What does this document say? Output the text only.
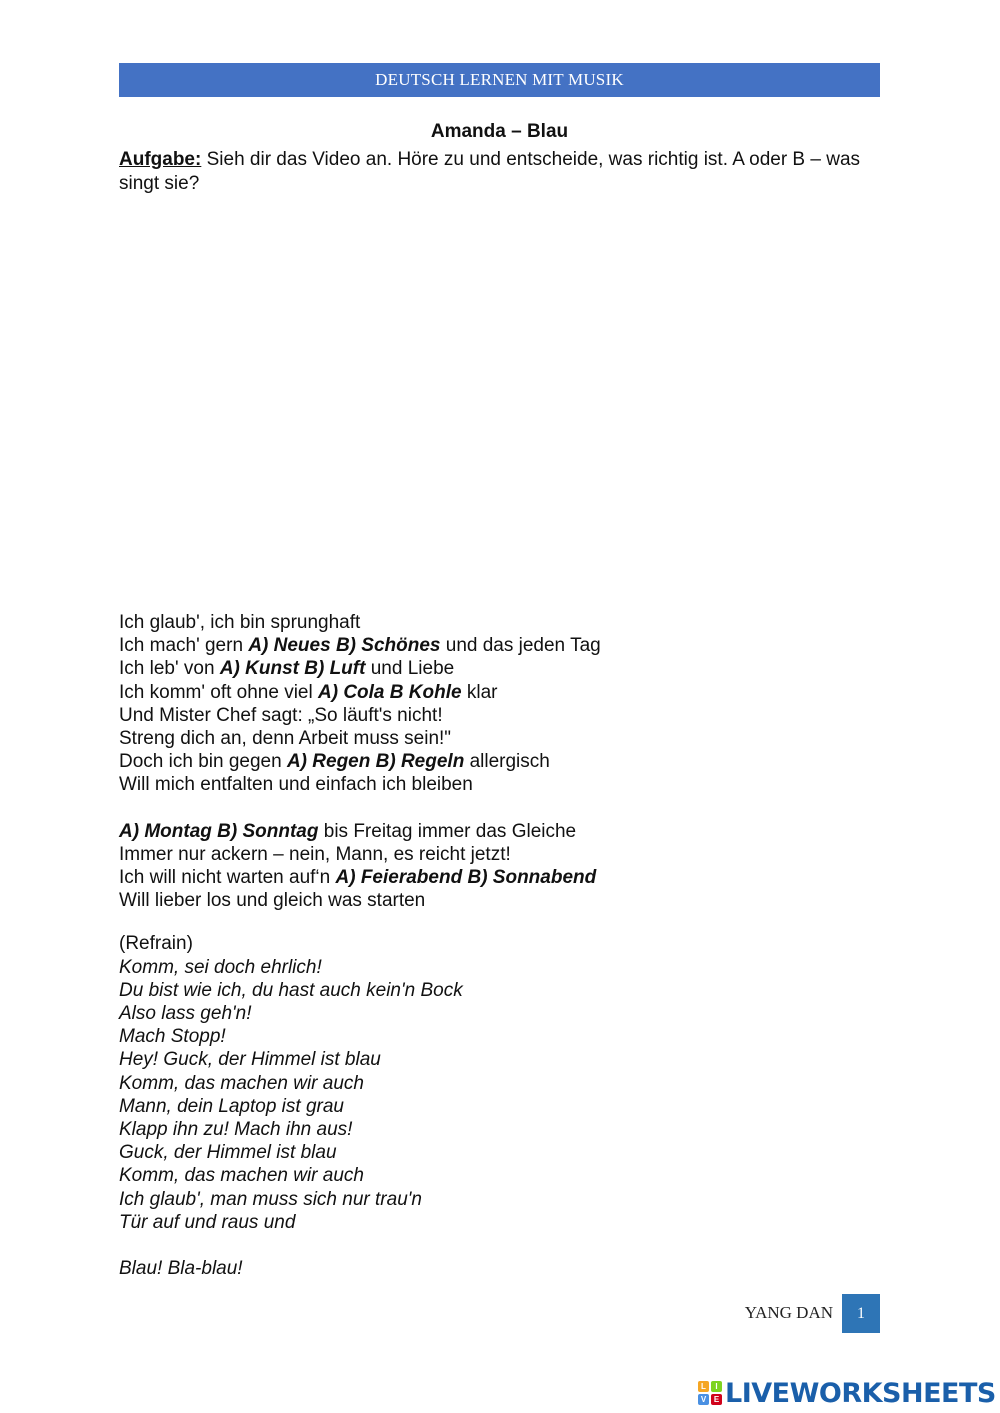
DEUTSCH LERNEN MIT MUSIK
Amanda – Blau
Aufgabe: Sieh dir das Video an. Höre zu und entscheide, was richtig ist. A oder B – was singt sie?
Ich glaub', ich bin sprunghaft
Ich mach' gern A) Neues B) Schönes und das jeden Tag
Ich leb' von A) Kunst B) Luft und Liebe
Ich komm' oft ohne viel A) Cola B Kohle klar
Und Mister Chef sagt: „So läuft's nicht!
Streng dich an, denn Arbeit muss sein!"
Doch ich bin gegen A) Regen B) Regeln allergisch
Will mich entfalten und einfach ich bleiben
A) Montag B) Sonntag bis Freitag immer das Gleiche
Immer nur ackern – nein, Mann, es reicht jetzt!
Ich will nicht warten auf‘n A) Feierabend B) Sonnabend
Will lieber los und gleich was starten
(Refrain)
Komm, sei doch ehrlich!
Du bist wie ich, du hast auch kein'n Bock
Also lass geh'n!
Mach Stopp!
Hey! Guck, der Himmel ist blau
Komm, das machen wir auch
Mann, dein Laptop ist grau
Klapp ihn zu! Mach ihn aus!
Guck, der Himmel ist blau
Komm, das machen wir auch
Ich glaub', man muss sich nur trau'n
Tür auf und raus und
Blau! Bla-blau!
YANG DAN 1
L	I
V E LIVEWORKSHEETS
